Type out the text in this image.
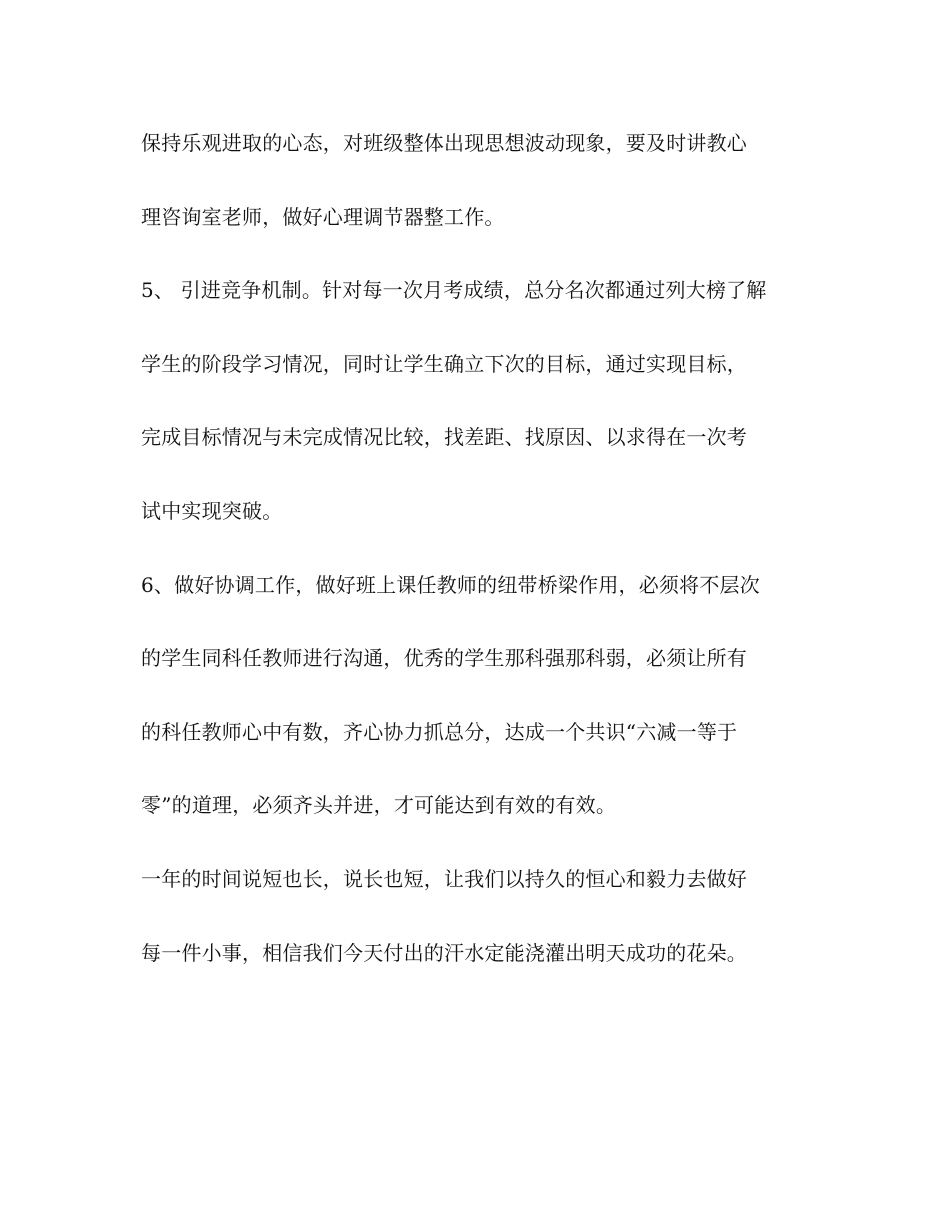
保持乐观进取的心态，对班级整体出现思想波动现象，要及时讲教心
理咨询室老师，做好心理调节器整工作。
5、 引进竞争机制。针对每一次月考成绩，总分名次都通过列大榜了解
学生的阶段学习情况，同时让学生确立下次的目标，通过实现目标，
完成目标情况与未完成情况比较，找差距、找原因、以求得在一次考
试中实现突破。
6、做好协调工作，做好班上课任教师的纽带桥梁作用，必须将不层次
的学生同科任教师进行沟通，优秀的学生那科强那科弱，必须让所有
的科任教师心中有数，齐心协力抓总分，达成一个共识“六减一等于
零”的道理，必须齐头并进，才可能达到有效的有效。
一年的时间说短也长，说长也短，让我们以持久的恒心和毅力去做好
每一件小事，相信我们今天付出的汗水定能浇灌出明天成功的花朵。
